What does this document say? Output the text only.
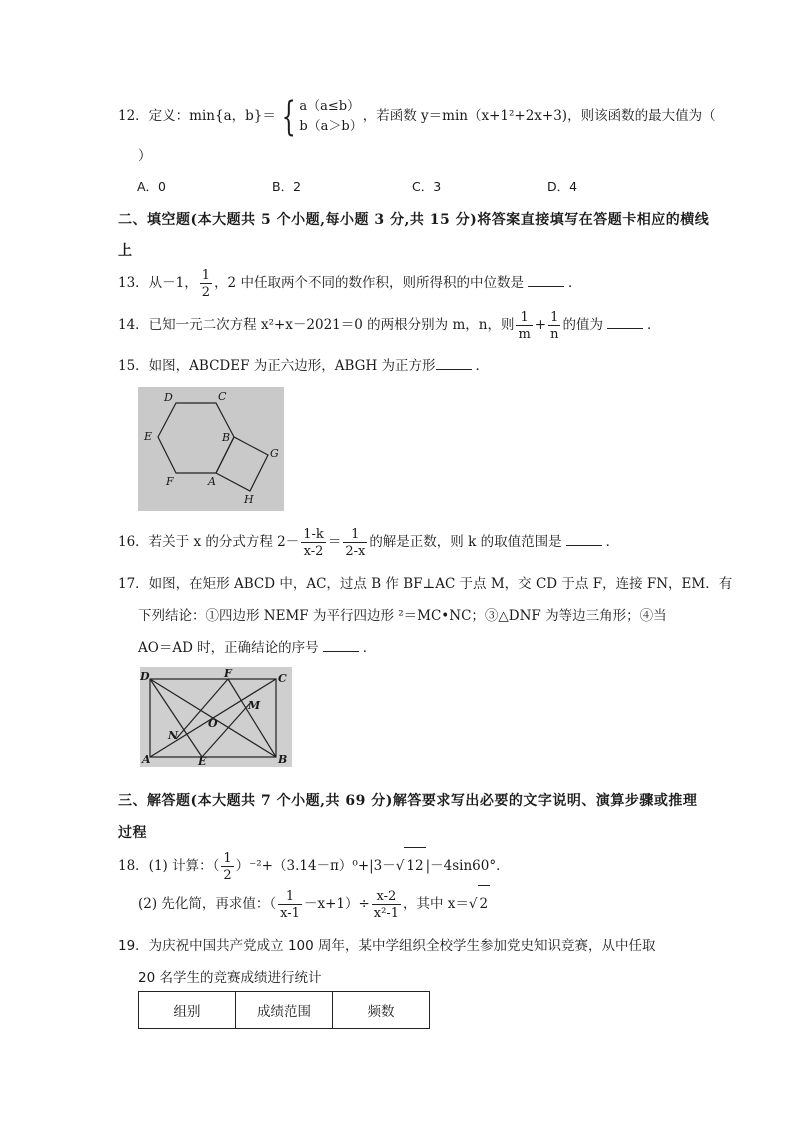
12．定义：min{a，b}＝ { a（a≤b）
b（a＞b）
，若函数 y＝min（x+1²+2x+3)，则该函数的最大值为（
）
A．0	B．2	C．3	D．4
二、填空题(本大题共 5 个小题,每小题 3 分,共 15 分)将答案直接填写在答题卡相应的横线
上
13．从－1， $\frac{1}{2}$ ，2 中任取两个不同的数作积，则所得积的中位数是	．
14．已知一元二次方程 x²+x－2021＝0 的两根分别为 m，n，则 $\frac{1}{m} + \frac{1}{n}$ 的值为	．
15．如图，ABCDEF 为正六边形，ABGH 为正方形	．
D	C
E	B
G
F	A
H
16．若关于 x 的分式方程 $2- \frac{1-k}{x-2} = \frac{1}{2-x}$ 的解是正数，则 k 的取值范围是	．
17．如图，在矩形 ABCD 中，AC，过点 B 作 BF⊥AC 于点 M，交 CD 于点 F，连接 FN，EM．有
下列结论：①四边形 NEMF 为平行四边形 ²＝MC•NC；③△DNF 为等边三角形；④当
AO＝AD 时，正确结论的序号	．
D	F	C
M
O
N
A	E	B
三、解答题(本大题共 7 个小题,共 69 分)解答要求写出必要的文字说明、演算步骤或推理
过程
18．(1) 计算：（ $\frac{1}{2} )^{-2}+(3.14-\pi)^0+|3-√$ 12 |－4sin60°．
(2) 先化简，再求值：（ $\frac{1}{x-1} -x+1)\div \frac{x-2}{\text{x²-1}}$ ，其中 x＝√ 2
19．为庆祝中国共产党成立 100 周年，某中学组织全校学生参加党史知识竞赛，从中任取
20 名学生的竞赛成绩进行统计
组别	成绩范围	频数
